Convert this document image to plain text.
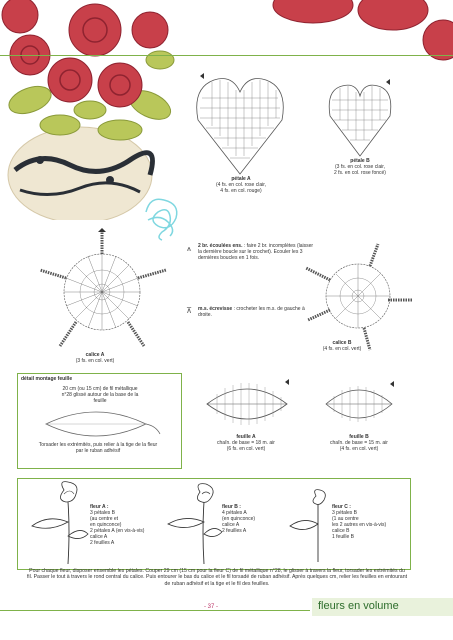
pétale A
(4 fs. en col. rose clair,
4 fs. en col. rouge)
pétale B
(3 fs. en col. rose clair,
2 fs. en col. rose foncé)
⩚	2 br. écoulées ens. : faire 2 br. incomplètes (laisser la dernière boucle sur le crochet). Ecouler les 3 dernières boucles en 1 fois.
⊼	m.s. écrevisse : crocheter les m.s. de gauche à droite.
calice A
(3 fs. en col. vert)
calice B
(4 fs. en col. vert)
détail montage feuille
20 cm (ou 15 cm) de fil métallique n°28 glissé autour de la base de la feuille
Torsader les extrémités, puis relier à la tige de la fleur par le ruban adhésif
feuille A
chaîn. de base = 18 m. air
(6 fs. en col. vert)
feuille B
chaîn. de base = 15 m. air
(4 fs. en col. vert)
fleur A :
3 pétales B
(au centre et
en quinconce)
2 pétales A (en vis-à-vis)
calice A
2 feuilles A
fleur B :
4 pétales A
(en quinconce)
calice A
2 feuilles A
fleur C :
3 pétales B
(1 au centre
les 2 autres en vis-à-vis)
calice B
1 feuille B
Pour chaque fleur, disposer ensemble les pétales. Couper 29 cm (15 cm pour la fleur C) de fil métallique n°28, le glisser à travers la fleur, torsader les extrémités du fil. Passer le tout à travers le rond central du calice. Puis entourer le bas du calice et le fil torsadé de ruban adhésif. Après quelques cm, relier les feuilles en entourant de ruban adhésif et la tige et le fil des feuilles.
- 37 -	fleurs en volume
